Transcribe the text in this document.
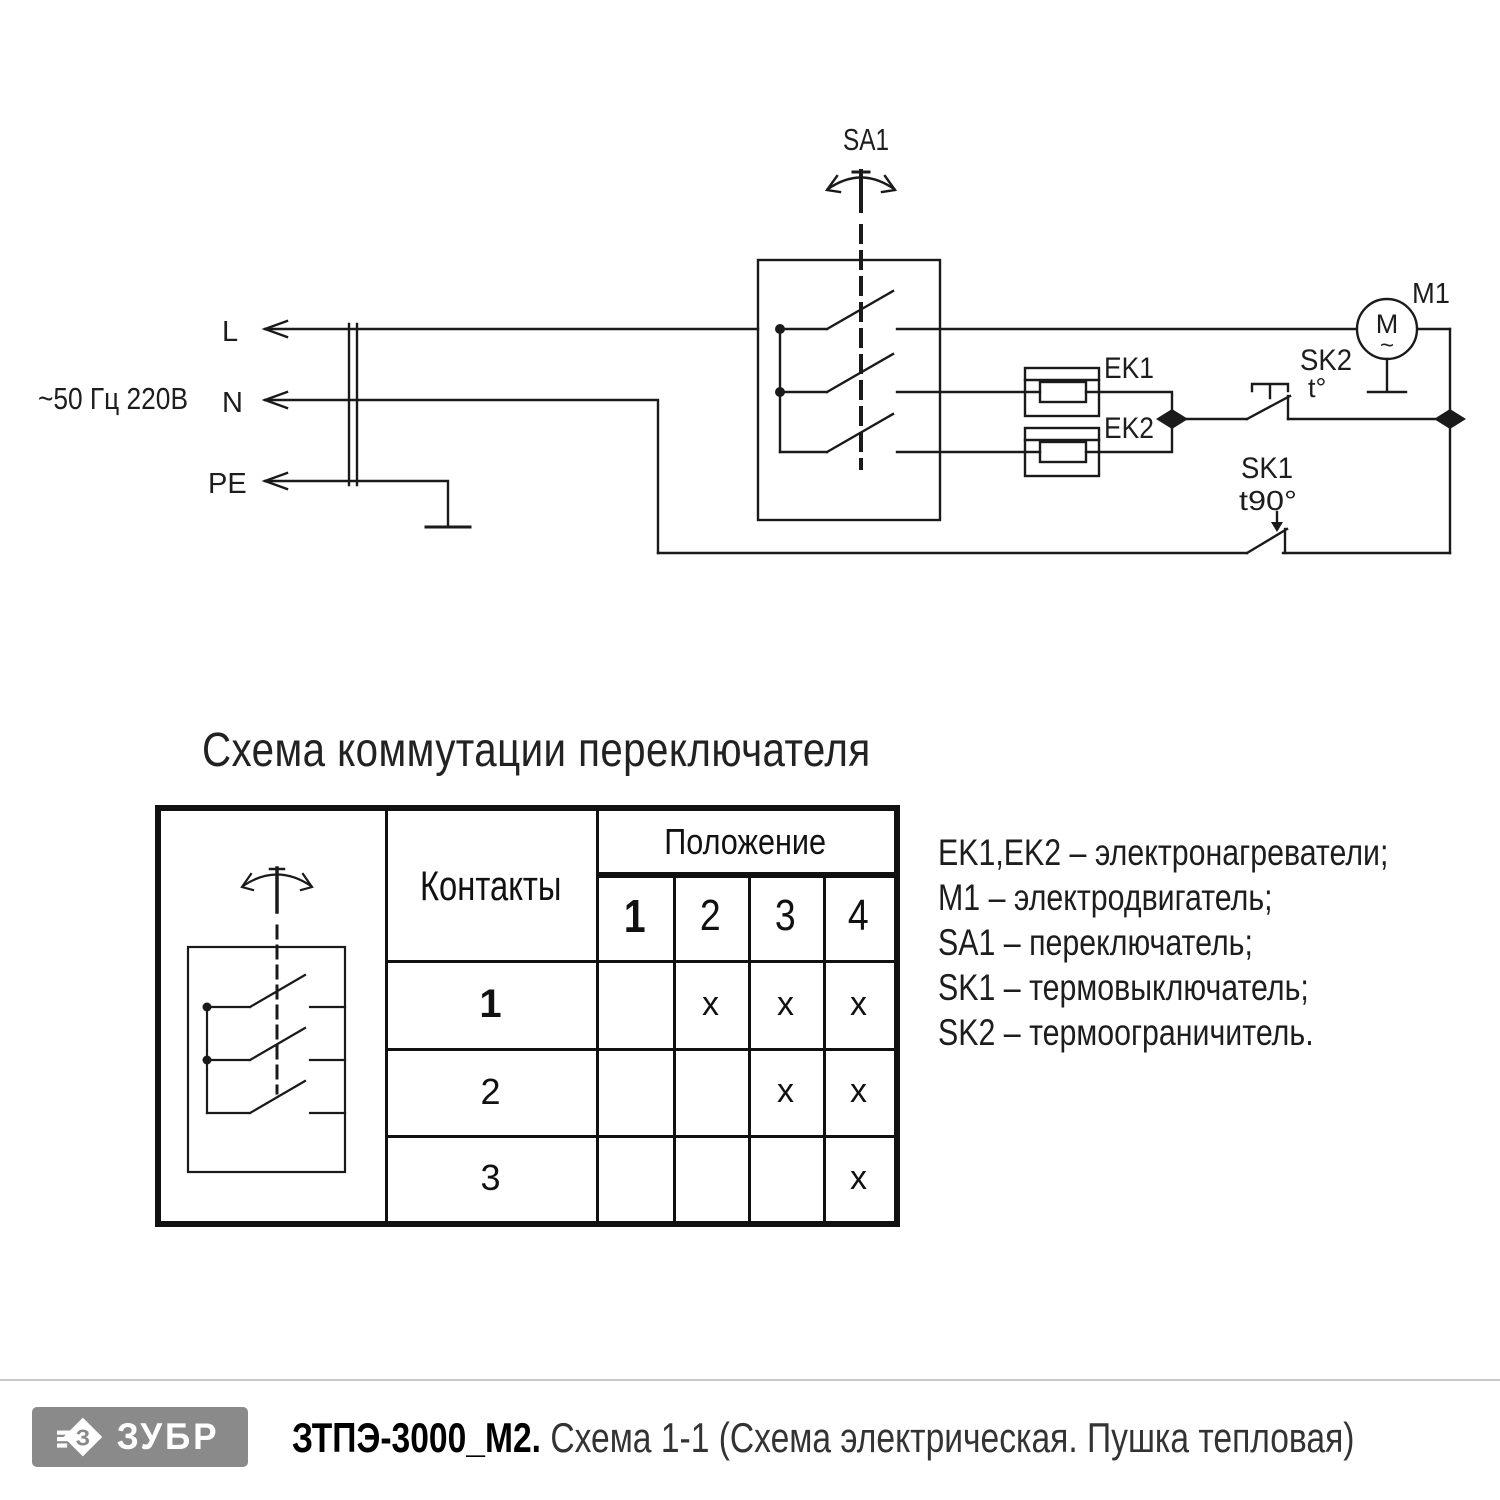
~50 Гц 220В
L
N
PE
SA1
EK1
EK2
M1
M
~
SK2
t°
SK1
t90°
Схема коммутации переключателя
Положение
Контакты
1 2 3 4
1
2
3
x x x
x x
x
EK1,EK2 – электронагреватели;
M1 – электродвигатель;
SA1 – переключатель;
SK1 – термовыключатель;
SK2 – термоограничитель.
З ЗУБР ЗТПЭ-3000_М2. Схема 1-1 (Схема электрическая. Пушка тепловая)
